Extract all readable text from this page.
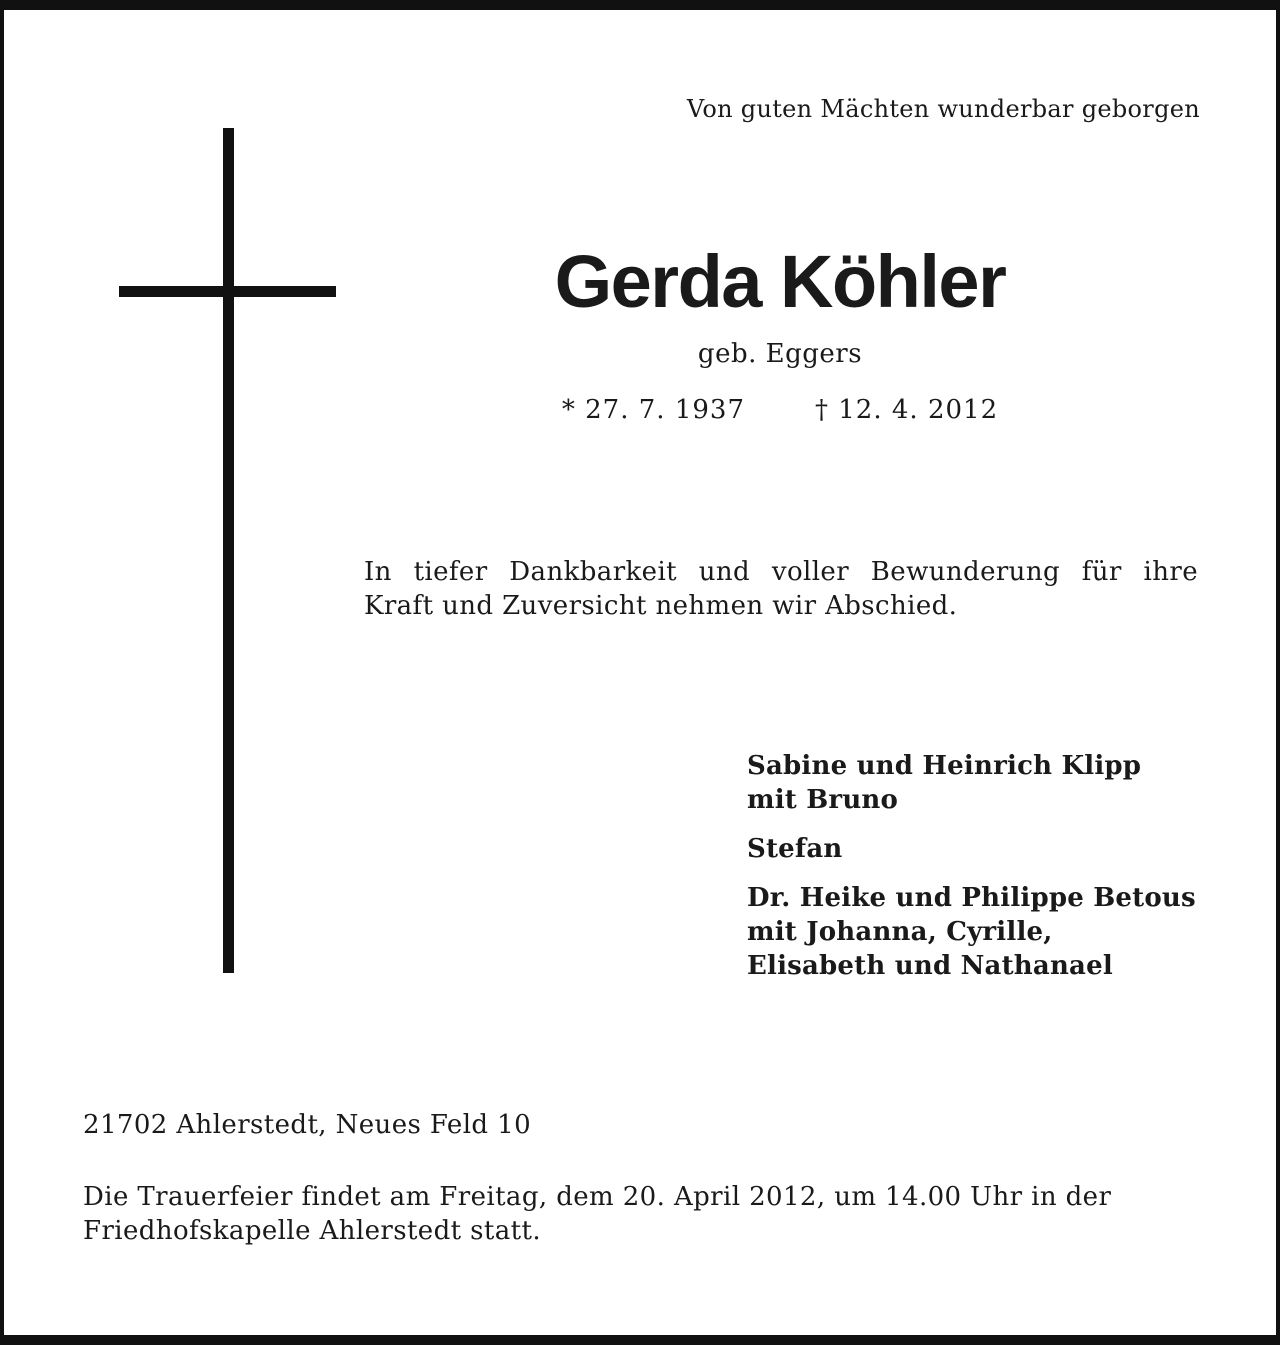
Von guten Mächten wunderbar geborgen
Gerda Köhler
geb. Eggers
* 27. 7. 1937	† 12. 4. 2012
In tiefer Dankbarkeit und voller Bewunderung für ihre
Kraft und Zuversicht nehmen wir Abschied.
Sabine und Heinrich Klipp
mit Bruno
Stefan
Dr. Heike und Philippe Betous
mit Johanna, Cyrille,
Elisabeth und Nathanael
21702 Ahlerstedt, Neues Feld 10
Die Trauerfeier findet am Freitag, dem 20. April 2012, um 14.00 Uhr in der
Friedhofskapelle Ahlerstedt statt.
